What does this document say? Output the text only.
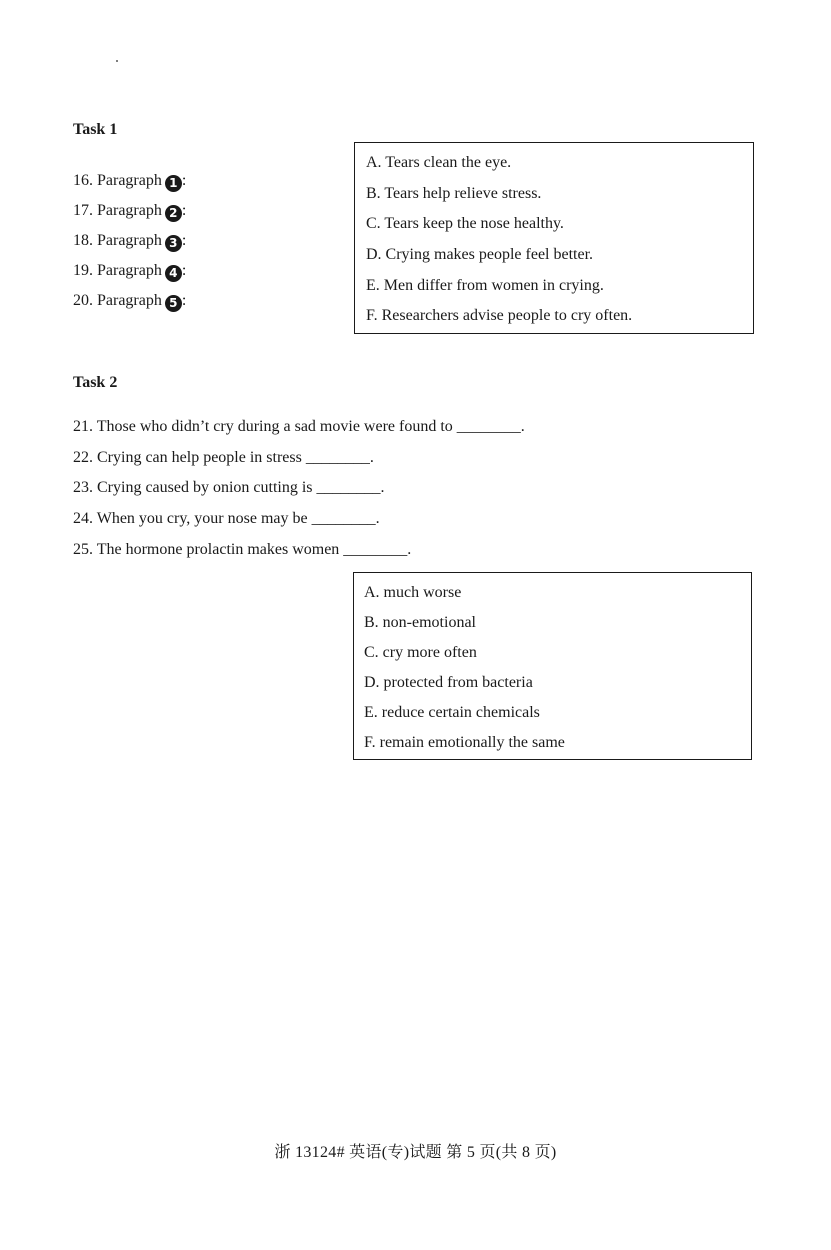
Task 1
16. Paragraph 1 :
17. Paragraph 2 :
18. Paragraph 3 :
19. Paragraph 4 :
20. Paragraph 5 :
A. Tears clean the eye.
B. Tears help relieve stress.
C. Tears keep the nose healthy.
D. Crying makes people feel better.
E. Men differ from women in crying.
F. Researchers advise people to cry often.
Task 2
21. Those who didn’t cry during a sad movie were found to ________.
22. Crying can help people in stress ________.
23. Crying caused by onion cutting is ________.
24. When you cry, your nose may be ________.
25. The hormone prolactin makes women ________.
A. much worse
B. non-emotional
C. cry more often
D. protected from bacteria
E. reduce certain chemicals
F. remain emotionally the same
浙 13124# 英语(专)试题 第 5 页(共 8 页)
